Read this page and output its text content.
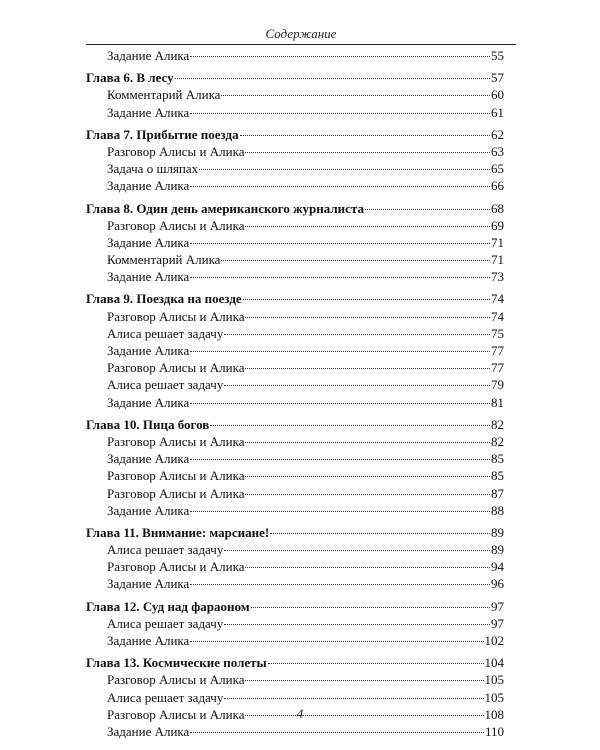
Содержание
Задание Алика	55
Глава 6. В лесу	57
Комментарий Алика	60
Задание Алика	61
Глава 7. Прибытие поезда	62
Разговор Алисы и Алика	63
Задача о шляпах	65
Задание Алика	66
Глава 8. Один день американского журналиста	68
Разговор Алисы и Алика	69
Задание Алика	71
Комментарий Алика	71
Задание Алика	73
Глава 9. Поездка на поезде	74
Разговор Алисы и Алика	74
Алиса решает задачу	75
Задание Алика	77
Разговор Алисы и Алика	77
Алиса решает задачу	79
Задание Алика	81
Глава 10. Пица богов	82
Разговор Алисы и Алика	82
Задание Алика	85
Разговор Алисы и Алика	85
Разговор Алисы и Алика	87
Задание Алика	88
Глава 11. Внимание: марсиане!	89
Алиса решает задачу	89
Разговор Алисы и Алика	94
Задание Алика	96
Глава 12. Суд над фараоном	97
Алиса решает задачу	97
Задание Алика	102
Глава 13. Космические полеты	104
Разговор Алисы и Алика	105
Алиса решает задачу	105
Разговор Алисы и Алика	108
Задание Алика	110
4
